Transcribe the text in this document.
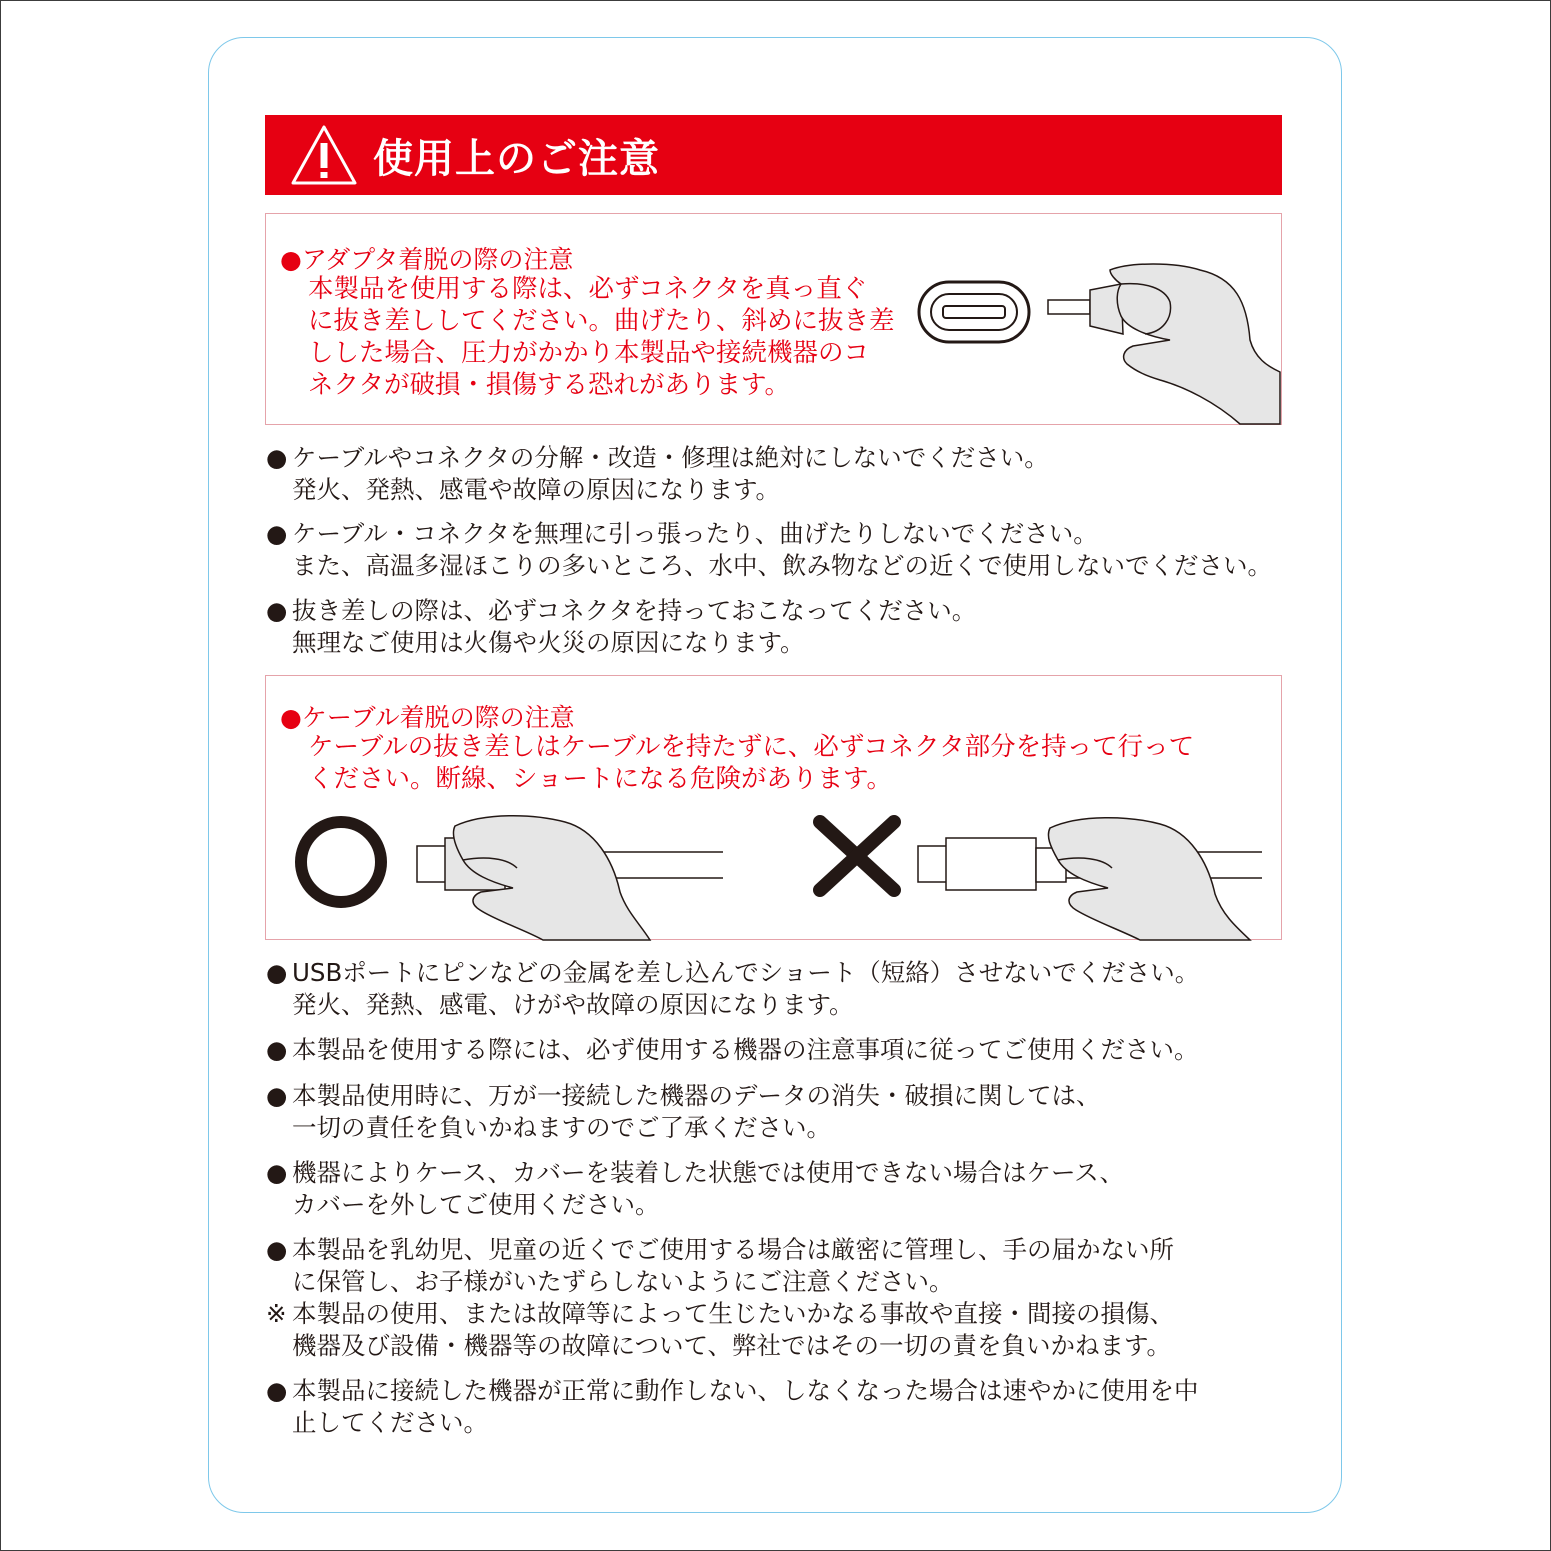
使用上のご注意
●アダプタ着脱の際の注意
本製品を使用する際は、必ずコネクタを真っ直ぐ
に抜き差ししてください。曲げたり、斜めに抜き差
しした場合、圧力がかかり本製品や接続機器のコ
ネクタが破損・損傷する恐れがあります。
● ケーブルやコネクタの分解・改造・修理は絶対にしないでください。
発火、発熱、感電や故障の原因になります。
● ケーブル・コネクタを無理に引っ張ったり、曲げたりしないでください。
また、高温多湿ほこりの多いところ、水中、飲み物などの近くで使用しないでください。
● 抜き差しの際は、必ずコネクタを持っておこなってください。
無理なご使用は火傷や火災の原因になります。
●ケーブル着脱の際の注意
ケーブルの抜き差しはケーブルを持たずに、必ずコネクタ部分を持って行って
ください。断線、ショートになる危険があります。
● USBポートにピンなどの金属を差し込んでショート（短絡）させないでください。
発火、発熱、感電、けがや故障の原因になります。
● 本製品を使用する際には、必ず使用する機器の注意事項に従ってご使用ください。
● 本製品使用時に、万が一接続した機器のデータの消失・破損に関しては、
一切の責任を負いかねますのでご了承ください。
● 機器によりケース、カバーを装着した状態では使用できない場合はケース、
カバーを外してご使用ください。
● 本製品を乳幼児、児童の近くでご使用する場合は厳密に管理し、手の届かない所
に保管し、お子様がいたずらしないようにご注意ください。
※ 本製品の使用、または故障等によって生じたいかなる事故や直接・間接の損傷、
機器及び設備・機器等の故障について、弊社ではその一切の責を負いかねます。
● 本製品に接続した機器が正常に動作しない、しなくなった場合は速やかに使用を中
止してください。
